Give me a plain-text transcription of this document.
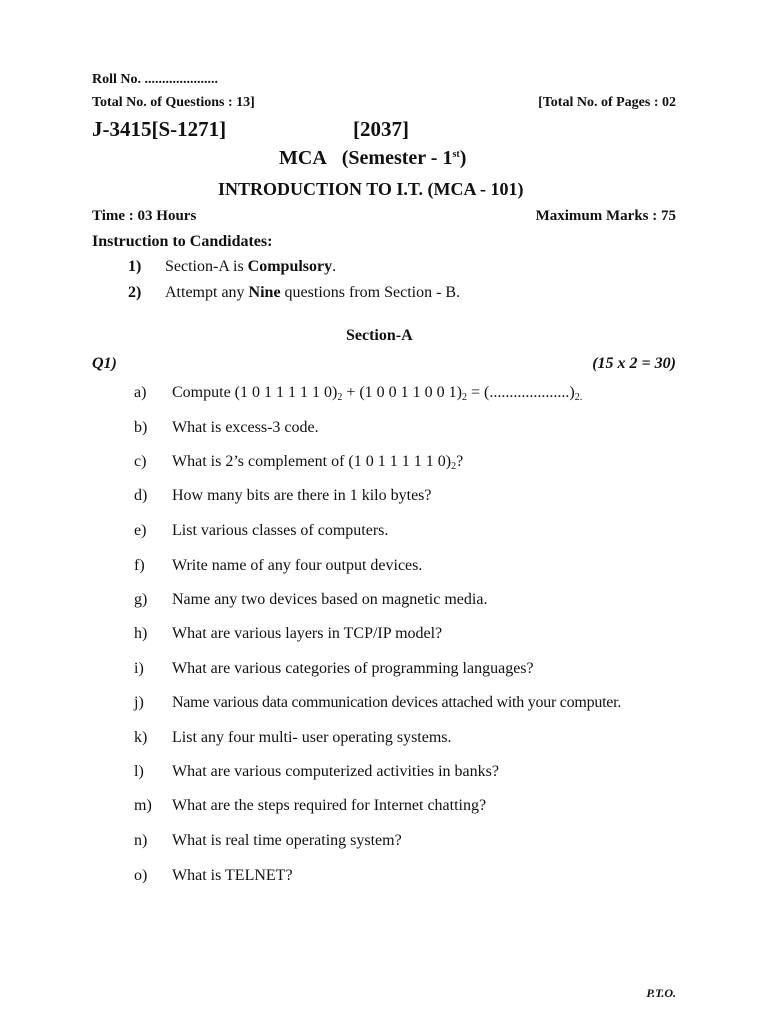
Roll No. .....................
Total No. of Questions : 13]	[Total No. of Pages : 02
J-3415[S-1271]	[2037]
MCA (Semester - 1st)
INTRODUCTION TO I.T. (MCA - 101)
Time : 03 Hours	Maximum Marks : 75
Instruction to Candidates:
1) Section-A is Compulsory.
2) Attempt any Nine questions from Section - B.
Section-A
Q1)	(15 x 2 = 30)
a) Compute (1 0 1 1 1 1 1 $0)_2 + (1$ 0 0 1 1 0 0 $1)_2 = (....................)_{2.}$
b) What is excess-3 code.
c) What is 2’s complement of (1 0 1 1 1 1 1 $0)_2$?
d) How many bits are there in 1 kilo bytes?
e) List various classes of computers.
f) Write name of any four output devices.
g) Name any two devices based on magnetic media.
h) What are various layers in TCP/IP model?
i) What are various categories of programming languages?
j) Name various data communication devices attached with your computer.
k) List any four multi- user operating systems.
l) What are various computerized activities in banks?
m) What are the steps required for Internet chatting?
n) What is real time operating system?
o) What is TELNET?
P.T.O.
